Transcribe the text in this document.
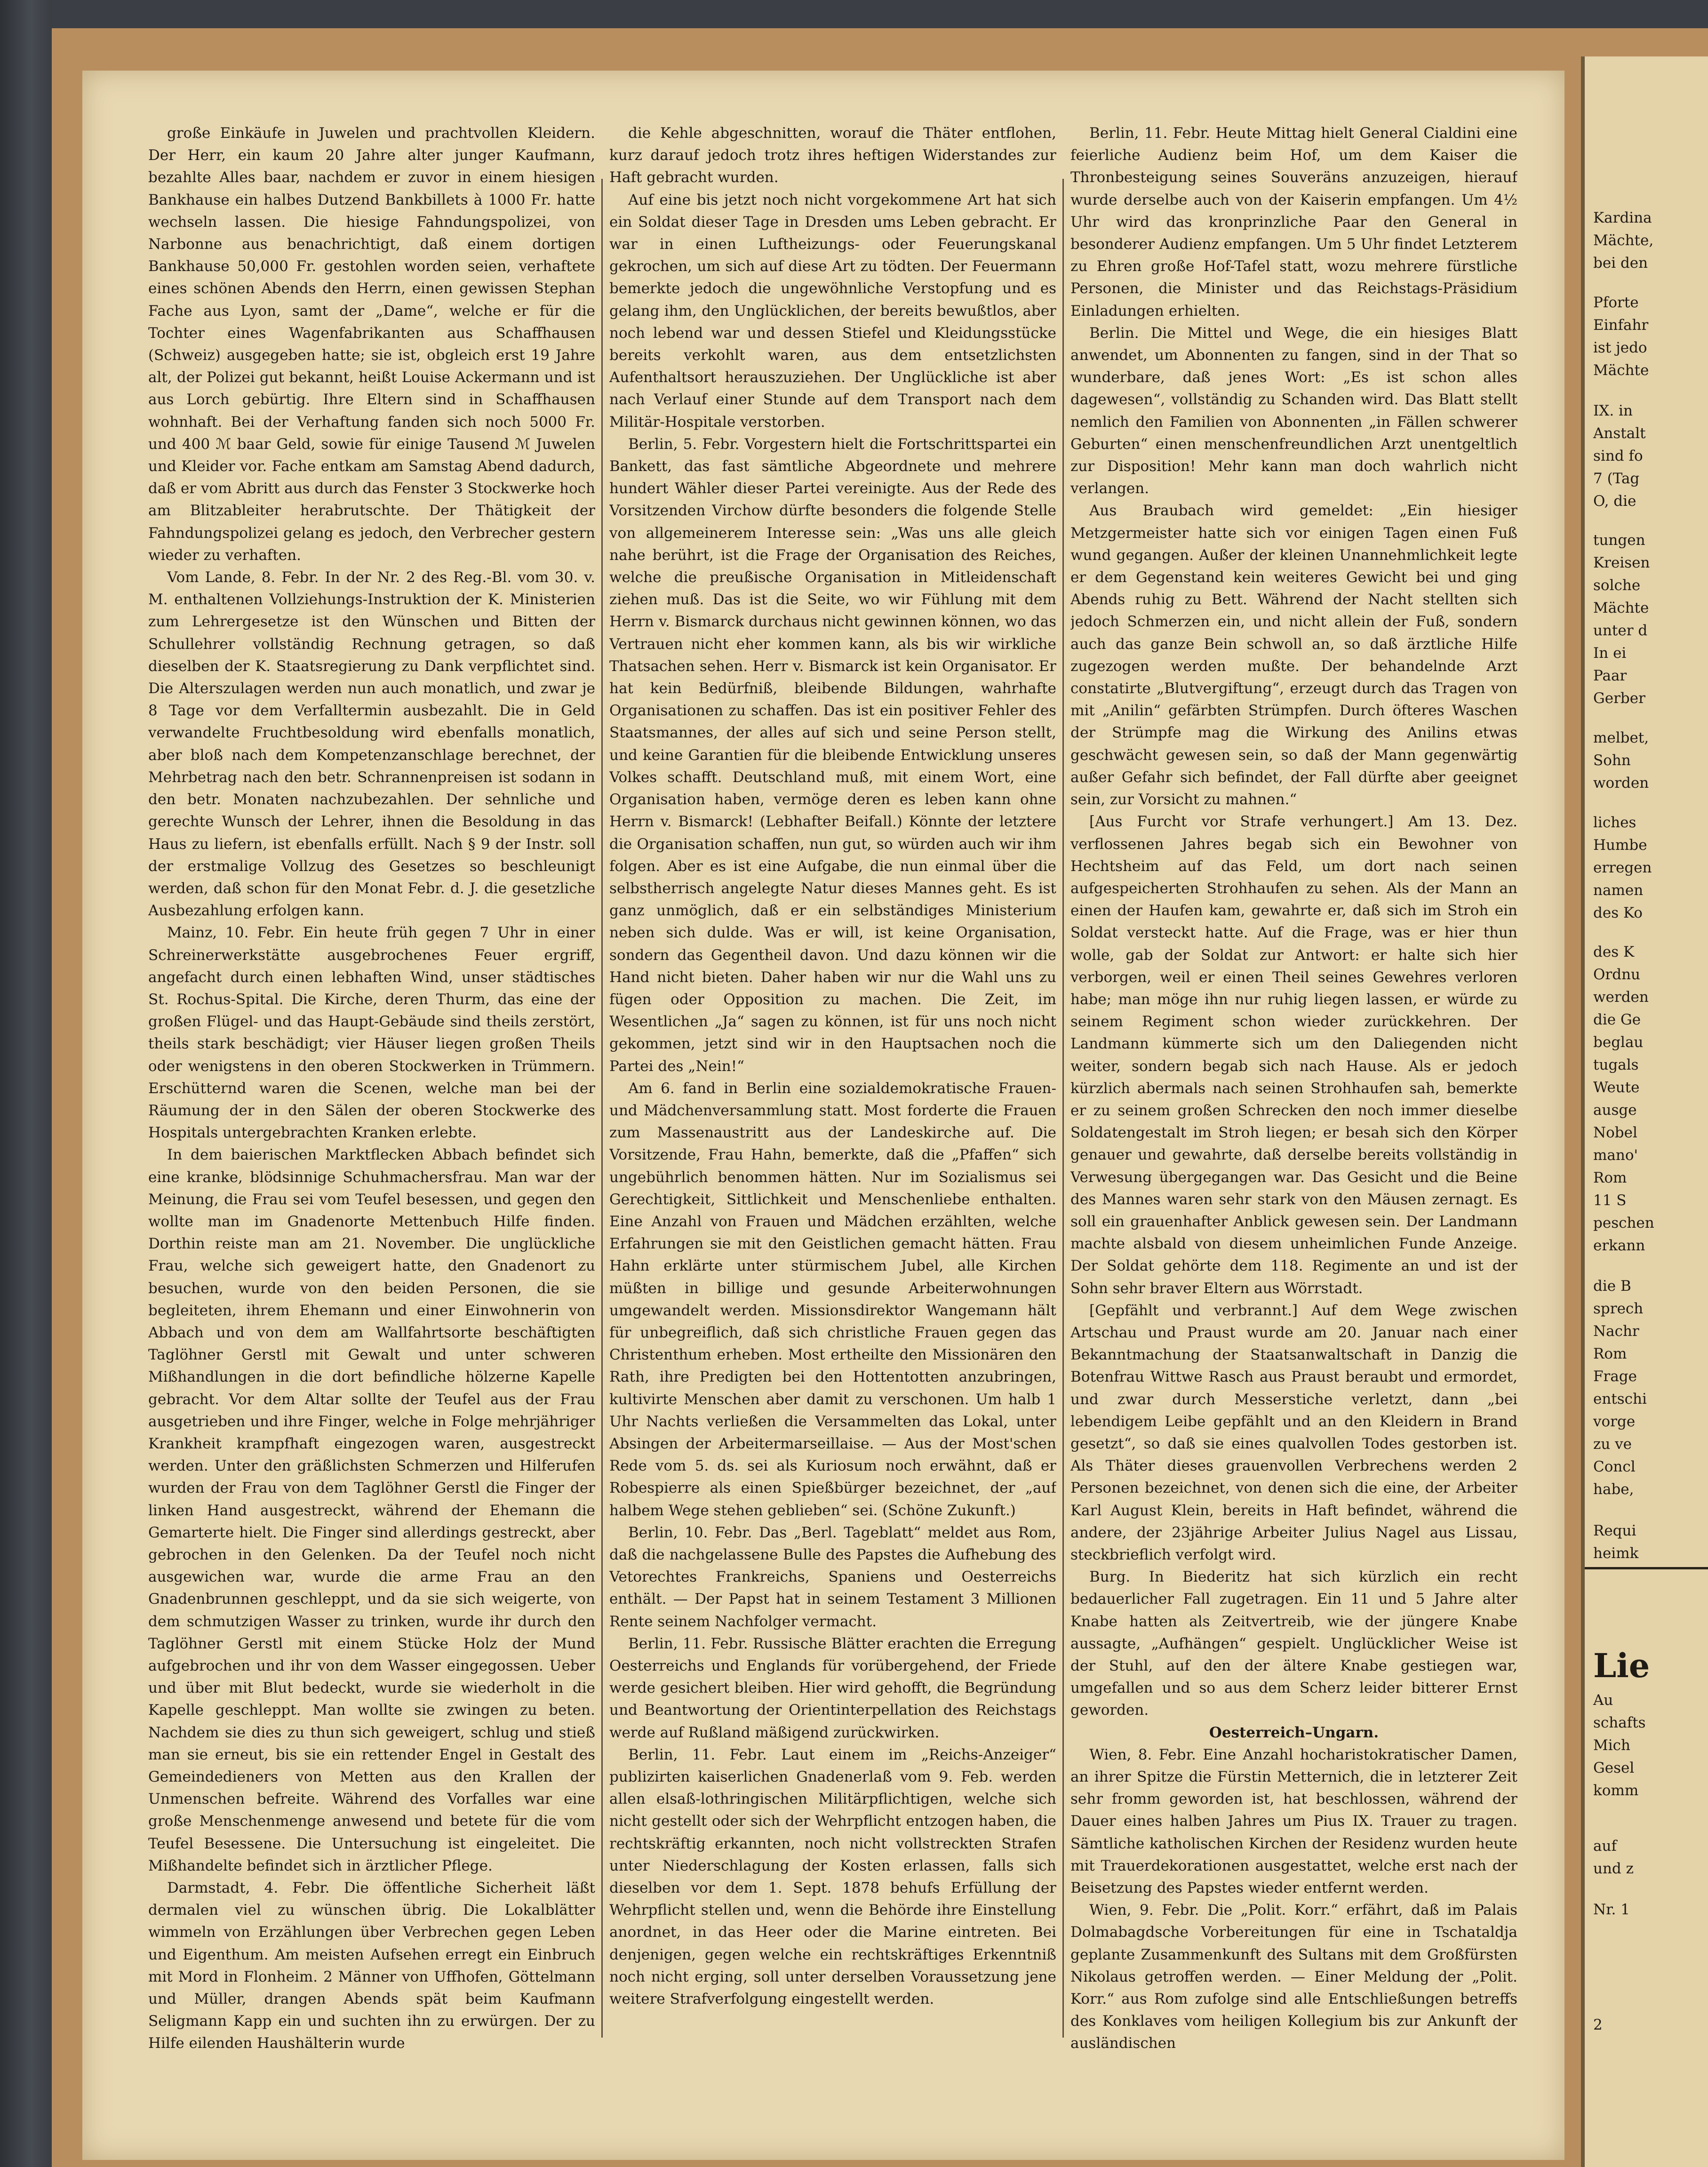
große Einkäufe in Juwelen und prachtvollen Kleidern. Der Herr, ein kaum 20 Jahre alter junger Kaufmann, bezahlte Alles baar, nachdem er zuvor in einem hiesigen Bankhause ein halbes Dutzend Bankbillets à 1000 Fr. hatte wechseln lassen. Die hiesige Fahndungspolizei, von Narbonne aus benachrichtigt, daß einem dortigen Bankhause 50,000 Fr. gestohlen worden seien, verhaftete eines schönen Abends den Herrn, einen gewissen Stephan Fache aus Lyon, samt der „Dame“, welche er für die Tochter eines Wagenfabrikanten aus Schaffhausen (Schweiz) ausgegeben hatte; sie ist, obgleich erst 19 Jahre alt, der Polizei gut bekannt, heißt Louise Ackermann und ist aus Lorch gebürtig. Ihre Eltern sind in Schaffhausen wohnhaft. Bei der Verhaftung fanden sich noch 5000 Fr. und 400 ℳ baar Geld, sowie für einige Tausend ℳ Juwelen und Kleider vor. Fache entkam am Samstag Abend dadurch, daß er vom Abritt aus durch das Fenster 3 Stockwerke hoch am Blitzableiter herabrutschte. Der Thätigkeit der Fahndungspolizei gelang es jedoch, den Verbrecher gestern wieder zu verhaften.

Vom Lande, 8. Febr. In der Nr. 2 des Reg.-Bl. vom 30. v. M. enthaltenen Vollziehungs-Instruktion der K. Ministerien zum Lehrergesetze ist den Wünschen und Bitten der Schullehrer vollständig Rechnung getragen, so daß dieselben der K. Staatsregierung zu Dank verpflichtet sind. Die Alterszulagen werden nun auch monatlich, und zwar je 8 Tage vor dem Verfalltermin ausbezahlt. Die in Geld verwandelte Fruchtbesoldung wird ebenfalls monatlich, aber bloß nach dem Kompetenzanschlage berechnet, der Mehrbetrag nach den betr. Schrannenpreisen ist sodann in den betr. Monaten nachzubezahlen. Der sehnliche und gerechte Wunsch der Lehrer, ihnen die Besoldung in das Haus zu liefern, ist ebenfalls erfüllt. Nach § 9 der Instr. soll der erstmalige Vollzug des Gesetzes so beschleunigt werden, daß schon für den Monat Febr. d. J. die gesetzliche Ausbezahlung erfolgen kann.

Mainz, 10. Febr. Ein heute früh gegen 7 Uhr in einer Schreinerwerkstätte ausgebrochenes Feuer ergriff, angefacht durch einen lebhaften Wind, unser städtisches St. Rochus-Spital. Die Kirche, deren Thurm, das eine der großen Flügel- und das Haupt-Gebäude sind theils zerstört, theils stark beschädigt; vier Häuser liegen großen Theils oder wenigstens in den oberen Stockwerken in Trümmern. Erschütternd waren die Scenen, welche man bei der Räumung der in den Sälen der oberen Stockwerke des Hospitals untergebrachten Kranken erlebte.

In dem baierischen Marktflecken Abbach befindet sich eine kranke, blödsinnige Schuhmachersfrau. Man war der Meinung, die Frau sei vom Teufel besessen, und gegen den wollte man im Gnadenorte Mettenbuch Hilfe finden. Dorthin reiste man am 21. November. Die unglückliche Frau, welche sich geweigert hatte, den Gnadenort zu besuchen, wurde von den beiden Personen, die sie begleiteten, ihrem Ehemann und einer Einwohnerin von Abbach und von dem am Wallfahrtsorte beschäftigten Taglöhner Gerstl mit Gewalt und unter schweren Mißhandlungen in die dort befindliche hölzerne Kapelle gebracht. Vor dem Altar sollte der Teufel aus der Frau ausgetrieben und ihre Finger, welche in Folge mehrjähriger Krankheit krampfhaft eingezogen waren, ausgestreckt werden. Unter den gräßlichsten Schmerzen und Hilferufen wurden der Frau von dem Taglöhner Gerstl die Finger der linken Hand ausgestreckt, während der Ehemann die Gemarterte hielt. Die Finger sind allerdings gestreckt, aber gebrochen in den Gelenken. Da der Teufel noch nicht ausgewichen war, wurde die arme Frau an den Gnadenbrunnen geschleppt, und da sie sich weigerte, von dem schmutzigen Wasser zu trinken, wurde ihr durch den Taglöhner Gerstl mit einem Stücke Holz der Mund aufgebrochen und ihr von dem Wasser eingegossen. Ueber und über mit Blut bedeckt, wurde sie wiederholt in die Kapelle geschleppt. Man wollte sie zwingen zu beten. Nachdem sie dies zu thun sich geweigert, schlug und stieß man sie erneut, bis sie ein rettender Engel in Gestalt des Gemeindedieners von Metten aus den Krallen der Unmenschen befreite. Während des Vorfalles war eine große Menschenmenge anwesend und betete für die vom Teufel Besessene. Die Untersuchung ist eingeleitet. Die Mißhandelte befindet sich in ärztlicher Pflege.

Darmstadt, 4. Febr. Die öffentliche Sicherheit läßt dermalen viel zu wünschen übrig. Die Lokalblätter wimmeln von Erzählungen über Verbrechen gegen Leben und Eigenthum. Am meisten Aufsehen erregt ein Einbruch mit Mord in Flonheim. 2 Männer von Uffhofen, Göttelmann und Müller, drangen Abends spät beim Kaufmann Seligmann Kapp ein und suchten ihn zu erwürgen. Der zu Hilfe eilenden Haushälterin wurde

die Kehle abgeschnitten, worauf die Thäter entflohen, kurz darauf jedoch trotz ihres heftigen Widerstandes zur Haft gebracht wurden.

Auf eine bis jetzt noch nicht vorgekommene Art hat sich ein Soldat dieser Tage in Dresden ums Leben gebracht. Er war in einen Luftheizungs- oder Feuerungskanal gekrochen, um sich auf diese Art zu tödten. Der Feuermann bemerkte jedoch die ungewöhnliche Verstopfung und es gelang ihm, den Unglücklichen, der bereits bewußtlos, aber noch lebend war und dessen Stiefel und Kleidungsstücke bereits verkohlt waren, aus dem entsetzlichsten Aufenthaltsort herauszuziehen. Der Unglückliche ist aber nach Verlauf einer Stunde auf dem Transport nach dem Militär-Hospitale verstorben.

Berlin, 5. Febr. Vorgestern hielt die Fortschrittspartei ein Bankett, das fast sämtliche Abgeordnete und mehrere hundert Wähler dieser Partei vereinigte. Aus der Rede des Vorsitzenden Virchow dürfte besonders die folgende Stelle von allgemeinerem Interesse sein: „Was uns alle gleich nahe berührt, ist die Frage der Organisation des Reiches, welche die preußische Organisation in Mitleidenschaft ziehen muß. Das ist die Seite, wo wir Fühlung mit dem Herrn v. Bismarck durchaus nicht gewinnen können, wo das Vertrauen nicht eher kommen kann, als bis wir wirkliche Thatsachen sehen. Herr v. Bismarck ist kein Organisator. Er hat kein Bedürfniß, bleibende Bildungen, wahrhafte Organisationen zu schaffen. Das ist ein positiver Fehler des Staatsmannes, der alles auf sich und seine Person stellt, und keine Garantien für die bleibende Entwicklung unseres Volkes schafft. Deutschland muß, mit einem Wort, eine Organisation haben, vermöge deren es leben kann ohne Herrn v. Bismarck! (Lebhafter Beifall.) Könnte der letztere die Organisation schaffen, nun gut, so würden auch wir ihm folgen. Aber es ist eine Aufgabe, die nun einmal über die selbstherrisch angelegte Natur dieses Mannes geht. Es ist ganz unmöglich, daß er ein selbständiges Ministerium neben sich dulde. Was er will, ist keine Organisation, sondern das Gegentheil davon. Und dazu können wir die Hand nicht bieten. Daher haben wir nur die Wahl uns zu fügen oder Opposition zu machen. Die Zeit, im Wesentlichen „Ja“ sagen zu können, ist für uns noch nicht gekommen, jetzt sind wir in den Hauptsachen noch die Partei des „Nein!“

Am 6. fand in Berlin eine sozialdemokratische Frauen- und Mädchenversammlung statt. Most forderte die Frauen zum Massenaustritt aus der Landeskirche auf. Die Vorsitzende, Frau Hahn, bemerkte, daß die „Pfaffen“ sich ungebührlich benommen hätten. Nur im Sozialismus sei Gerechtigkeit, Sittlichkeit und Menschenliebe enthalten. Eine Anzahl von Frauen und Mädchen erzählten, welche Erfahrungen sie mit den Geistlichen gemacht hätten. Frau Hahn erklärte unter stürmischem Jubel, alle Kirchen müßten in billige und gesunde Arbeiterwohnungen umgewandelt werden. Missionsdirektor Wangemann hält für unbegreiflich, daß sich christliche Frauen gegen das Christenthum erheben. Most ertheilte den Missionären den Rath, ihre Predigten bei den Hottentotten anzubringen, kultivirte Menschen aber damit zu verschonen. Um halb 1 Uhr Nachts verließen die Versammelten das Lokal, unter Absingen der Arbeitermarseillaise. — Aus der Most'schen Rede vom 5. ds. sei als Kuriosum noch erwähnt, daß er Robespierre als einen Spießbürger bezeichnet, der „auf halbem Wege stehen geblieben“ sei. (Schöne Zukunft.)

Berlin, 10. Febr. Das „Berl. Tageblatt“ meldet aus Rom, daß die nachgelassene Bulle des Papstes die Aufhebung des Vetorechtes Frankreichs, Spaniens und Oesterreichs enthält. — Der Papst hat in seinem Testament 3 Millionen Rente seinem Nachfolger vermacht.

Berlin, 11. Febr. Russische Blätter erachten die Erregung Oesterreichs und Englands für vorübergehend, der Friede werde gesichert bleiben. Hier wird gehofft, die Begründung und Beantwortung der Orientinterpellation des Reichstags werde auf Rußland mäßigend zurückwirken.

Berlin, 11. Febr. Laut einem im „Reichs-Anzeiger“ publizirten kaiserlichen Gnadenerlaß vom 9. Feb. werden allen elsaß-lothringischen Militärpflichtigen, welche sich nicht gestellt oder sich der Wehrpflicht entzogen haben, die rechtskräftig erkannten, noch nicht vollstreckten Strafen unter Niederschlagung der Kosten erlassen, falls sich dieselben vor dem 1. Sept. 1878 behufs Erfüllung der Wehrpflicht stellen und, wenn die Behörde ihre Einstellung anordnet, in das Heer oder die Marine eintreten. Bei denjenigen, gegen welche ein rechtskräftiges Erkenntniß noch nicht erging, soll unter derselben Voraussetzung jene weitere Strafverfolgung eingestellt werden.

Berlin, 11. Febr. Heute Mittag hielt General Cialdini eine feierliche Audienz beim Hof, um dem Kaiser die Thronbesteigung seines Souveräns anzuzeigen, hierauf wurde derselbe auch von der Kaiserin empfangen. Um 4½ Uhr wird das kronprinzliche Paar den General in besonderer Audienz empfangen. Um 5 Uhr findet Letzterem zu Ehren große Hof-Tafel statt, wozu mehrere fürstliche Personen, die Minister und das Reichstags-Präsidium Einladungen erhielten.

Berlin. Die Mittel und Wege, die ein hiesiges Blatt anwendet, um Abonnenten zu fangen, sind in der That so wunderbare, daß jenes Wort: „Es ist schon alles dagewesen“, vollständig zu Schanden wird. Das Blatt stellt nemlich den Familien von Abonnenten „in Fällen schwerer Geburten“ einen menschenfreundlichen Arzt unentgeltlich zur Disposition! Mehr kann man doch wahrlich nicht verlangen.

Aus Braubach wird gemeldet: „Ein hiesiger Metzgermeister hatte sich vor einigen Tagen einen Fuß wund gegangen. Außer der kleinen Unannehmlichkeit legte er dem Gegenstand kein weiteres Gewicht bei und ging Abends ruhig zu Bett. Während der Nacht stellten sich jedoch Schmerzen ein, und nicht allein der Fuß, sondern auch das ganze Bein schwoll an, so daß ärztliche Hilfe zugezogen werden mußte. Der behandelnde Arzt constatirte „Blutvergiftung“, erzeugt durch das Tragen von mit „Anilin“ gefärbten Strümpfen. Durch öfteres Waschen der Strümpfe mag die Wirkung des Anilins etwas geschwächt gewesen sein, so daß der Mann gegenwärtig außer Gefahr sich befindet, der Fall dürfte aber geeignet sein, zur Vorsicht zu mahnen.“

[Aus Furcht vor Strafe verhungert.] Am 13. Dez. verflossenen Jahres begab sich ein Bewohner von Hechtsheim auf das Feld, um dort nach seinen aufgespeicherten Strohhaufen zu sehen. Als der Mann an einen der Haufen kam, gewahrte er, daß sich im Stroh ein Soldat versteckt hatte. Auf die Frage, was er hier thun wolle, gab der Soldat zur Antwort: er halte sich hier verborgen, weil er einen Theil seines Gewehres verloren habe; man möge ihn nur ruhig liegen lassen, er würde zu seinem Regiment schon wieder zurückkehren. Der Landmann kümmerte sich um den Daliegenden nicht weiter, sondern begab sich nach Hause. Als er jedoch kürzlich abermals nach seinen Strohhaufen sah, bemerkte er zu seinem großen Schrecken den noch immer dieselbe Soldatengestalt im Stroh liegen; er besah sich den Körper genauer und gewahrte, daß derselbe bereits vollständig in Verwesung übergegangen war. Das Gesicht und die Beine des Mannes waren sehr stark von den Mäusen zernagt. Es soll ein grauenhafter Anblick gewesen sein. Der Landmann machte alsbald von diesem unheimlichen Funde Anzeige. Der Soldat gehörte dem 118. Regimente an und ist der Sohn sehr braver Eltern aus Wörrstadt.

[Gepfählt und verbrannt.] Auf dem Wege zwischen Artschau und Praust wurde am 20. Januar nach einer Bekanntmachung der Staatsanwaltschaft in Danzig die Botenfrau Wittwe Rasch aus Praust beraubt und ermordet, und zwar durch Messerstiche verletzt, dann „bei lebendigem Leibe gepfählt und an den Kleidern in Brand gesetzt“, so daß sie eines qualvollen Todes gestorben ist. Als Thäter dieses grauenvollen Verbrechens werden 2 Personen bezeichnet, von denen sich die eine, der Arbeiter Karl August Klein, bereits in Haft befindet, während die andere, der 23jährige Arbeiter Julius Nagel aus Lissau, steckbrieflich verfolgt wird.

Burg. In Biederitz hat sich kürzlich ein recht bedauerlicher Fall zugetragen. Ein 11 und 5 Jahre alter Knabe hatten als Zeitvertreib, wie der jüngere Knabe aussagte, „Aufhängen“ gespielt. Unglücklicher Weise ist der Stuhl, auf den der ältere Knabe gestiegen war, umgefallen und so aus dem Scherz leider bitterer Ernst geworden.

Oesterreich–Ungarn.

Wien, 8. Febr. Eine Anzahl hocharistokratischer Damen, an ihrer Spitze die Fürstin Metternich, die in letzterer Zeit sehr fromm geworden ist, hat beschlossen, während der Dauer eines halben Jahres um Pius IX. Trauer zu tragen. Sämtliche katholischen Kirchen der Residenz wurden heute mit Trauerdekorationen ausgestattet, welche erst nach der Beisetzung des Papstes wieder entfernt werden.

Wien, 9. Febr. Die „Polit. Korr.“ erfährt, daß im Palais Dolmabagdsche Vorbereitungen für eine in Tschataldja geplante Zusammenkunft des Sultans mit dem Großfürsten Nikolaus getroffen werden. — Einer Meldung der „Polit. Korr.“ aus Rom zufolge sind alle Entschließungen betreffs des Konklaves vom heiligen Kollegium bis zur Ankunft der ausländischen

Kardina
Mächte,
bei den
Pforte
Einfahr
ist jedo
Mächte
IX. in
Anstalt
sind fo
7 (Tag
O, die
tungen
Kreisen
solche
Mächte
unter d
In ei
Paar
Gerber
melbet,
Sohn
worden
liches
Humbe
erregen
namen
des Ko
des K
Ordnu
werden
die Ge
beglau
tugals
Weute
ausge
Nobel
mano'
Rom
11 S
peschen
erkann
die B
sprech
Nachr
Rom
Frage
entschi
vorge
zu ve
Concl
habe,
Requi
heimk
Lie
Au
schafts
Mich
Gesel
komm
auf
und z
Nr. 1
2
